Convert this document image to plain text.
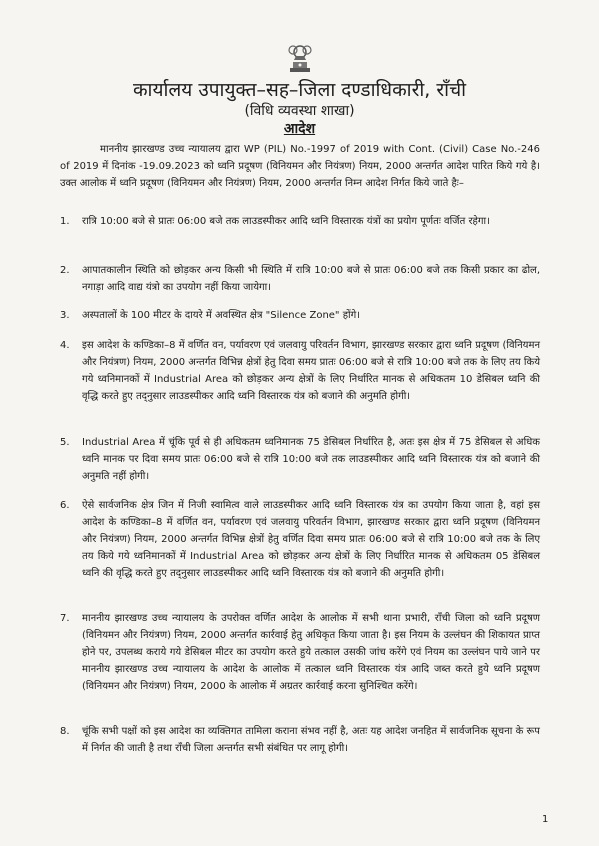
कार्यालय उपायुक्त–सह–जिला दण्डाधिकारी, राँची
(विधि व्यवस्था शाखा)
आदेश
माननीय झारखण्ड उच्च न्यायालय द्वारा WP (PIL) No.-1997 of 2019 with Cont. (Civil) Case No.-246 of 2019 में दिनांक -19.09.2023 को ध्वनि प्रदूषण (विनियमन और नियंत्रण) नियम, 2000 अन्तर्गत आदेश पारित किये गये है। उक्त आलोक में ध्वनि प्रदूषण (विनियमन और नियंत्रण) नियम, 2000 अन्तर्गत निम्न आदेश निर्गत किये जाते हैः–
1.	रात्रि 10:00 बजे से प्रातः 06:00 बजे तक लाउडस्पीकर आदि ध्वनि विस्तारक यंत्रों का प्रयोग पूर्णतः वर्जित रहेगा।
2.	आपातकालीन स्थिति को छोड़कर अन्य किसी भी स्थिति में रात्रि 10:00 बजे से प्रातः 06:00 बजे तक किसी प्रकार का ढोल, नगाड़ा आदि वाद्य यंत्रो का उपयोग नहीं किया जायेगा।
3.	अस्पतालों के 100 मीटर के दायरे में अवस्थित क्षेत्र "Silence Zone" होंगे।
4.	इस आदेश के कण्डिका–8 में वर्णित वन, पर्यावरण एवं जलवायु परिवर्तन विभाग, झारखण्ड सरकार द्वारा ध्वनि प्रदूषण (विनियमन और नियंत्रण) नियम, 2000 अन्तर्गत विभिन्न क्षेत्रों हेतु दिवा समय प्रातः 06:00 बजे से रात्रि 10:00 बजे तक के लिए तय किये गये ध्वनिमानकों में Industrial Area को छोड़कर अन्य क्षेत्रों के लिए निर्धारित मानक से अधिकतम 10 डेसिबल ध्वनि की वृद्धि करते हुए तद्नुसार लाउडस्पीकर आदि ध्वनि विस्तारक यंत्र को बजाने की अनुमति होगी।
5.	Industrial Area में चूंकि पूर्व से ही अधिकतम ध्वनिमानक 75 डेसिबल निर्धारित है, अतः इस क्षेत्र में 75 डेसिबल से अधिक ध्वनि मानक पर दिवा समय प्रातः 06:00 बजे से रात्रि 10:00 बजे तक लाउडस्पीकर आदि ध्वनि विस्तारक यंत्र को बजाने की अनुमति नहीं होगी।
6.	ऐसे सार्वजनिक क्षेत्र जिन में निजी स्वामित्व वाले लाउडस्पीकर आदि ध्वनि विस्तारक यंत्र का उपयोग किया जाता है, वहां इस आदेश के कण्डिका–8 में वर्णित वन, पर्यावरण एवं जलवायु परिवर्तन विभाग, झारखण्ड सरकार द्वारा ध्वनि प्रदूषण (विनियमन और नियंत्रण) नियम, 2000 अन्तर्गत विभिन्न क्षेत्रों हेतु वर्णित दिवा समय प्रातः 06:00 बजे से रात्रि 10:00 बजे तक के लिए तय किये गये ध्वनिमानकों में Industrial Area को छोड़कर अन्य क्षेत्रों के लिए निर्धारित मानक से अधिकतम 05 डेसिबल ध्वनि की वृद्धि करते हुए तद्नुसार लाउडस्पीकर आदि ध्वनि विस्तारक यंत्र को बजाने की अनुमति होगी।
7.	माननीय झारखण्ड उच्च न्यायालय के उपरोक्त वर्णित आदेश के आलोक में सभी थाना प्रभारी, राँची जिला को ध्वनि प्रदूषण (विनियमन और नियंत्रण) नियम, 2000 अन्तर्गत कार्रवाई हेतु अधिकृत किया जाता है। इस नियम के उल्लंघन की शिकायत प्राप्त होने पर, उपलब्ध कराये गये डेसिबल मीटर का उपयोग करते हुये तत्काल उसकी जांच करेंगे एवं नियम का उल्लंघन पाये जाने पर माननीय झारखण्ड उच्च न्यायालय के आदेश के आलोक में तत्काल ध्वनि विस्तारक यंत्र आदि जब्त करते हुये ध्वनि प्रदूषण (विनियमन और नियंत्रण) नियम, 2000 के आलोक में अग्रतर कार्रवाई करना सुनिश्चित करेंगे।
8.	चूंकि सभी पक्षों को इस आदेश का व्यक्तिगत तामिला कराना संभव नहीं है, अतः यह आदेश जनहित में सार्वजनिक सूचना के रूप में निर्गत की जाती है तथा राँची जिला अन्तर्गत सभी संबंधित पर लागू होगी।
1
